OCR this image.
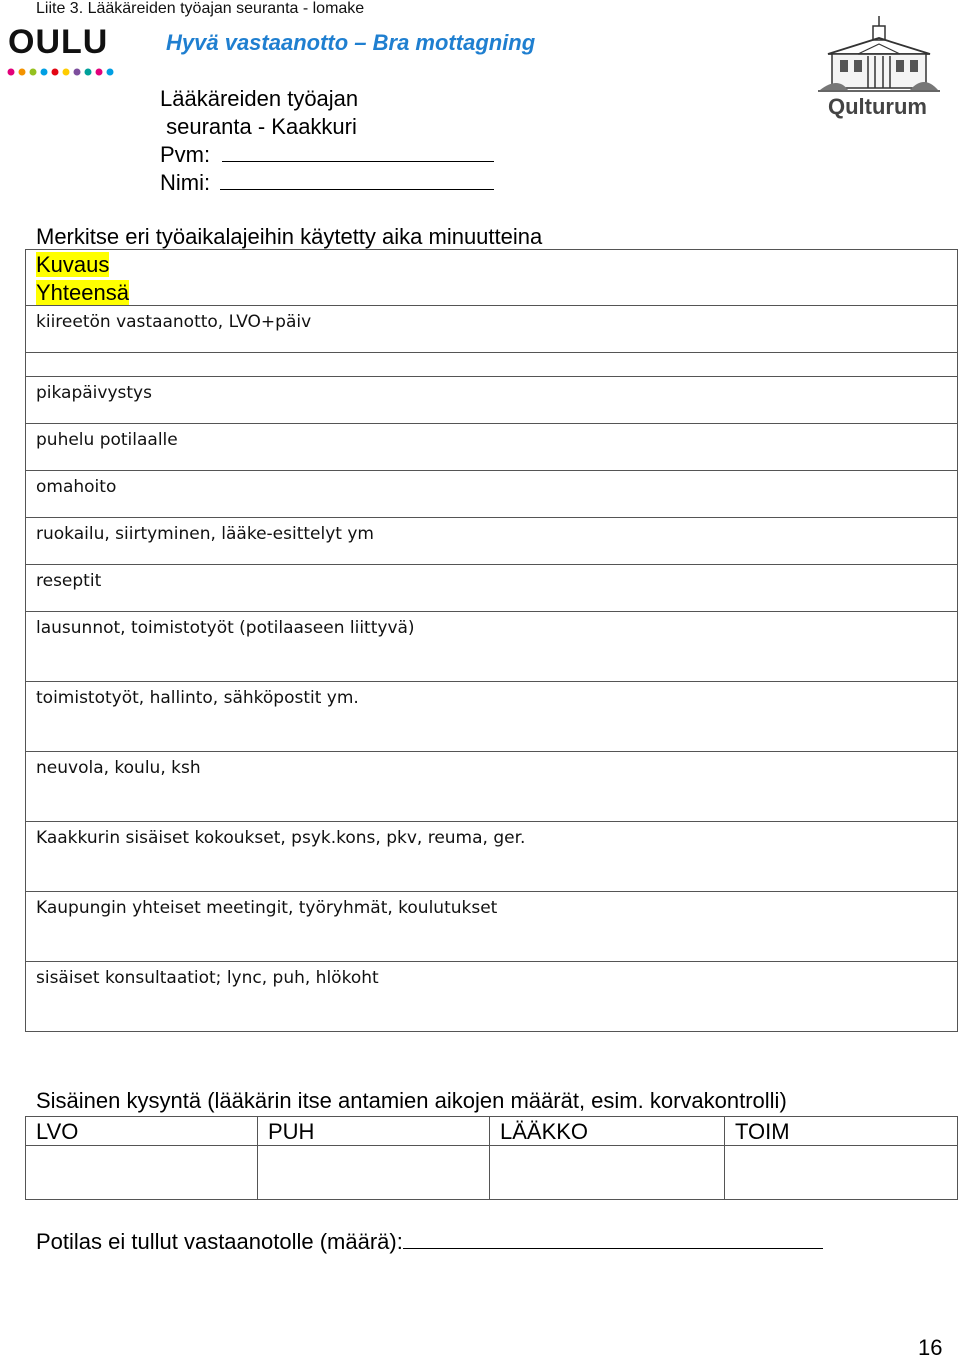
Liite 3. Lääkäreiden työajan seuranta - lomake
OULU	Hyvä vastaanotto – Bra mottagning
Qulturum
Lääkäreiden työajan
seuranta - Kaakkuri
Pvm:
Nimi:
Merkitse eri työaikalajeihin käytetty aika minuutteina
Kuvaus
Yhteensä
kiireetön vastaanotto, LVO+päiv
pikapäivystys
puhelu potilaalle
omahoito
ruokailu, siirtyminen, lääke-esittelyt ym
reseptit
lausunnot, toimistotyöt (potilaaseen liittyvä)
toimistotyöt, hallinto, sähköpostit ym.
neuvola, koulu, ksh
Kaakkurin sisäiset kokoukset, psyk.kons, pkv, reuma, ger.
Kaupungin yhteiset meetingit, työryhmät, koulutukset
sisäiset konsultaatiot; lync, puh, hlökoht
Sisäinen kysyntä (lääkärin itse antamien aikojen määrät, esim. korvakontrolli)
LVO	PUH	LÄÄKKO	TOIM
Potilas ei tullut vastaanotolle (määrä):
16
